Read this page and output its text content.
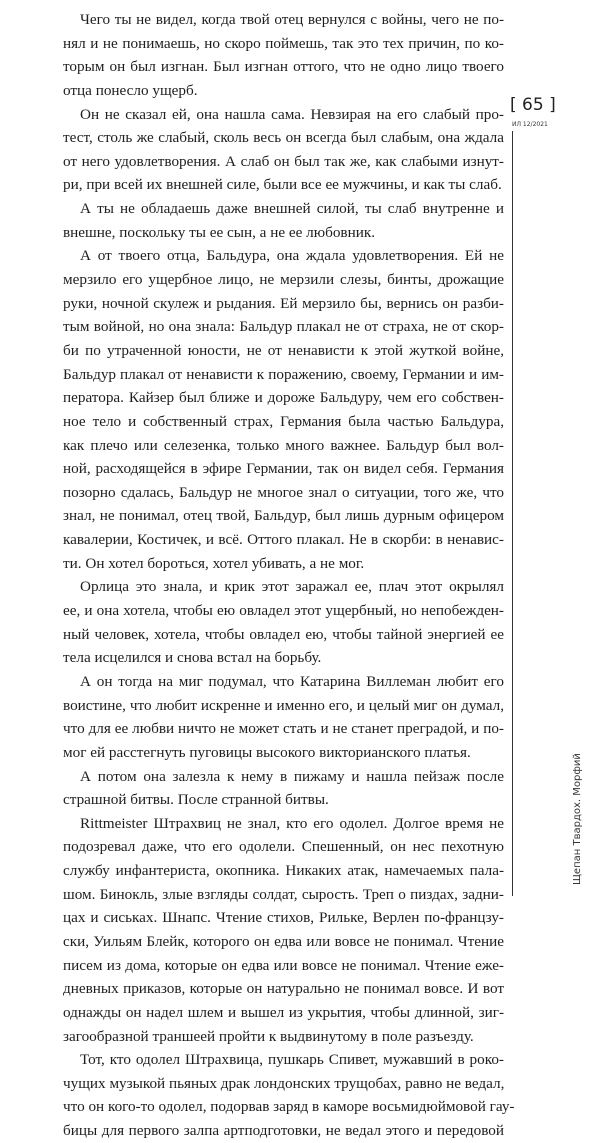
Чего ты не видел, когда твой отец вернулся с войны, чего не по-
нял и не понимаешь, но скоро поймешь, так это тех причин, по ко-
торым он был изгнан. Был изгнан оттого, что не одно лицо твоего
отца понесло ущерб.
Он не сказал ей, она нашла сама. Невзирая на его слабый про-
тест, столь же слабый, сколь весь он всегда был слабым, она ждала
от него удовлетворения. А слаб он был так же, как слабыми изнут-
ри, при всей их внешней силе, были все ее мужчины, и как ты слаб.
А ты не обладаешь даже внешней силой, ты слаб внутренне и
внешне, поскольку ты ее сын, а не ее любовник.
А от твоего отца, Бальдура, она ждала удовлетворения. Ей не
мерзило его ущербное лицо, не мерзили слезы, бинты, дрожащие
руки, ночной скулеж и рыдания. Ей мерзило бы, вернись он разби-
тым войной, но она знала: Бальдур плакал не от страха, не от скор-
би по утраченной юности, не от ненависти к этой жуткой войне,
Бальдур плакал от ненависти к поражению, своему, Германии и им-
ператора. Кайзер был ближе и дороже Бальдуру, чем его собствен-
ное тело и собственный страх, Германия была частью Бальдура,
как плечо или селезенка, только много важнее. Бальдур был вол-
ной, расходящейся в эфире Германии, так он видел себя. Германия
позорно сдалась, Бальдур не многое знал о ситуации, того же, что
знал, не понимал, отец твой, Бальдур, был лишь дурным офицером
кавалерии, Костичек, и всё. Оттого плакал. Не в скорби: в ненавис-
ти. Он хотел бороться, хотел убивать, а не мог.
Орлица это знала, и крик этот заражал ее, плач этот окрылял
ее, и она хотела, чтобы ею овладел этот ущербный, но непобежден-
ный человек, хотела, чтобы овладел ею, чтобы тайной энергией ее
тела исцелился и снова встал на борьбу.
А он тогда на миг подумал, что Катарина Виллеман любит его
воистине, что любит искренне и именно его, и целый миг он думал,
что для ее любви ничто не может стать и не станет преградой, и по-
мог ей расстегнуть пуговицы высокого викторианского платья.
А потом она залезла к нему в пижаму и нашла пейзаж после
страшной битвы. После странной битвы.
Rittmeister Штрахвиц не знал, кто его одолел. Долгое время не
подозревал даже, что его одолели. Спешенный, он нес пехотную
службу инфантериста, окопника. Никаких атак, намечаемых пала-
шом. Бинокль, злые взгляды солдат, сырость. Треп о пиздах, задни-
цах и сиськах. Шнапс. Чтение стихов, Рильке, Верлен по-францзу-
ски, Уильям Блейк, которого он едва или вовсе не понимал. Чтение
писем из дома, которые он едва или вовсе не понимал. Чтение еже-
дневных приказов, которые он натурально не понимал вовсе. И вот
однажды он надел шлем и вышел из укрытия, чтобы длинной, зиг-
загообразной траншеей пройти к выдвинутому в поле разъезду.
Тот, кто одолел Штрахвица, пушкарь Спивет, мужавший в роко-
чущих музыкой пьяных драк лондонских трущобах, равно не ведал,
что он кого-то одолел, подорвав заряд в каморе восьмидюймовой гау-
бицы для первого залпа артподготовки, не ведал этого и передовой
[ 65 ]
ИЛ 12/2021
Щепан Твардох. Морфий
